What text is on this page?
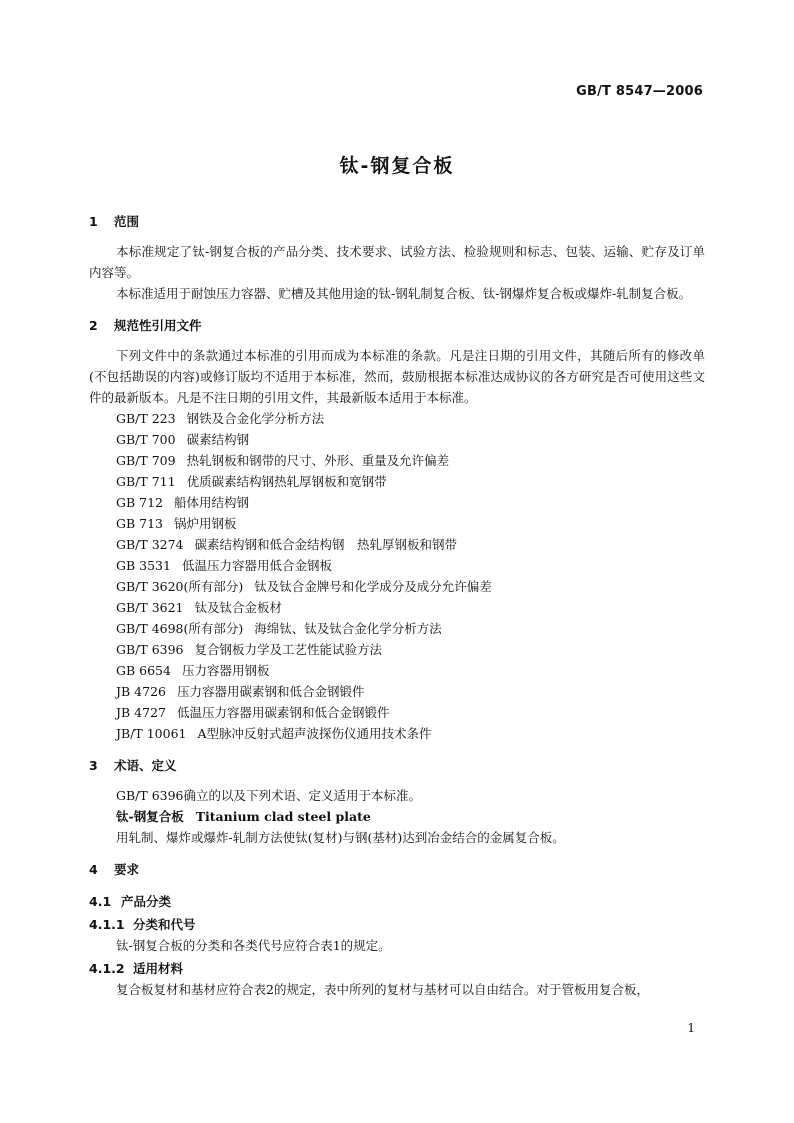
GB/T 8547—2006
钛-钢复合板
1 范围

本标准规定了钛-钢复合板的产品分类、技术要求、试验方法、检验规则和标志、包装、运输、贮存及订单内容等。

本标准适用于耐蚀压力容器、贮槽及其他用途的钛-钢轧制复合板、钛-钢爆炸复合板或爆炸-轧制复合板。

2 规范性引用文件

下列文件中的条款通过本标准的引用而成为本标准的条款。凡是注日期的引用文件，其随后所有的修改单(不包括勘误的内容)或修订版均不适用于本标准，然而，鼓励根据本标准达成协议的各方研究是否可使用这些文件的最新版本。凡是不注日期的引用文件，其最新版本适用于本标准。

GB/T 223 钢铁及合金化学分析方法
GB/T 700 碳素结构钢
GB/T 709 热轧钢板和钢带的尺寸、外形、重量及允许偏差
GB/T 711 优质碳素结构钢热轧厚钢板和宽钢带
GB 712 船体用结构钢
GB 713 锅炉用钢板
GB/T 3274 碳素结构钢和低合金结构钢　热轧厚钢板和钢带
GB 3531 低温压力容器用低合金钢板
GB/T 3620(所有部分) 钛及钛合金牌号和化学成分及成分允许偏差
GB/T 3621 钛及钛合金板材
GB/T 4698(所有部分) 海绵钛、钛及钛合金化学分析方法
GB/T 6396 复合钢板力学及工艺性能试验方法
GB 6654 压力容器用钢板
JB 4726 压力容器用碳素钢和低合金钢锻件
JB 4727 低温压力容器用碳素钢和低合金钢锻件
JB/T 10061 A型脉冲反射式超声波探伤仪通用技术条件
3 术语、定义

GB/T 6396确立的以及下列术语、定义适用于本标准。

钛-钢复合板 Titanium clad steel plate
用轧制、爆炸或爆炸-轧制方法使钛(复材)与钢(基材)达到冶金结合的金属复合板。
4 要求
4.1 产品分类
4.1.1 分类和代号
钛-钢复合板的分类和各类代号应符合表1的规定。
4.1.2 适用材料
复合板复材和基材应符合表2的规定，表中所列的复材与基材可以自由结合。对于管板用复合板，
1
